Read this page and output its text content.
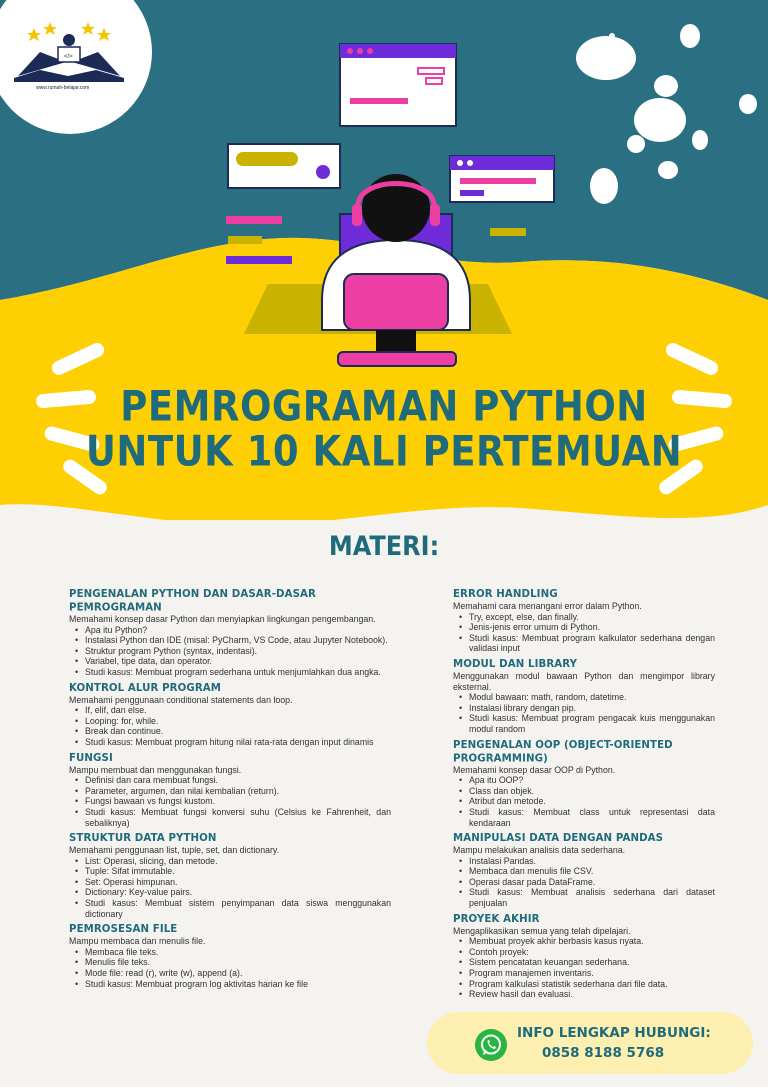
</>
www.rumah-belajar.com
PEMROGRAMAN PYTHON
UNTUK 10 KALI PERTEMUAN
MATERI:
PENGENALAN PYTHON DAN DASAR-DASAR PEMROGRAMAN
Memahami konsep dasar Python dan menyiapkan lingkungan pengembangan.
• Apa itu Python?
• Instalasi Python dan IDE (misal: PyCharm, VS Code, atau Jupyter Notebook).
• Struktur program Python (syntax, indentasi).
• Variabel, tipe data, dan operator.
• Studi kasus: Membuat program sederhana untuk menjumlahkan dua angka.
KONTROL ALUR PROGRAM
Memahami penggunaan conditional statements dan loop.
• If, elif, dan else.
• Looping: for, while.
• Break dan continue.
• Studi kasus: Membuat program hitung nilai rata-rata dengan input dinamis
FUNGSI
Mampu membuat dan menggunakan fungsi.
• Definisi dan cara membuat fungsi.
• Parameter, argumen, dan nilai kembalian (return).
• Fungsi bawaan vs fungsi kustom.
• Studi kasus: Membuat fungsi konversi suhu (Celsius ke Fahrenheit, dan sebaliknya)
STRUKTUR DATA PYTHON
Memahami penggunaan list, tuple, set, dan dictionary.
• List: Operasi, slicing, dan metode.
• Tuple: Sifat immutable.
• Set: Operasi himpunan.
• Dictionary: Key-value pairs.
• Studi kasus: Membuat sistem penyimpanan data siswa menggunakan dictionary
PEMROSESAN FILE
Mampu membaca dan menulis file.
• Membaca file teks.
• Menulis file teks.
• Mode file: read (r), write (w), append (a).
• Studi kasus: Membuat program log aktivitas harian ke file
ERROR HANDLING
Memahami cara menangani error dalam Python.
• Try, except, else, dan finally.
• Jenis-jenis error umum di Python.
• Studi kasus: Membuat program kalkulator sederhana dengan validasi input
MODUL DAN LIBRARY
Menggunakan modul bawaan Python dan mengimpor library eksternal.
• Modul bawaan: math, random, datetime.
• Instalasi library dengan pip.
• Studi kasus: Membuat program pengacak kuis menggunakan modul random
PENGENALAN OOP (OBJECT-ORIENTED PROGRAMMING)
Memahami konsep dasar OOP di Python.
• Apa itu OOP?
• Class dan objek.
• Atribut dan metode.
• Studi kasus: Membuat class untuk representasi data kendaraan
MANIPULASI DATA DENGAN PANDAS
Mampu melakukan analisis data sederhana.
• Instalasi Pandas.
• Membaca dan menulis file CSV.
• Operasi dasar pada DataFrame.
• Studi kasus: Membuat analisis sederhana dari dataset penjualan
PROYEK AKHIR
Mengaplikasikan semua yang telah dipelajari.
• Membuat proyek akhir berbasis kasus nyata.
• Contoh proyek:
• Sistem pencatatan keuangan sederhana.
• Program manajemen inventaris.
• Program kalkulasi statistik sederhana dari file data.
• Review hasil dan evaluasi.
INFO LENGKAP HUBUNGI:
0858 8188 5768
